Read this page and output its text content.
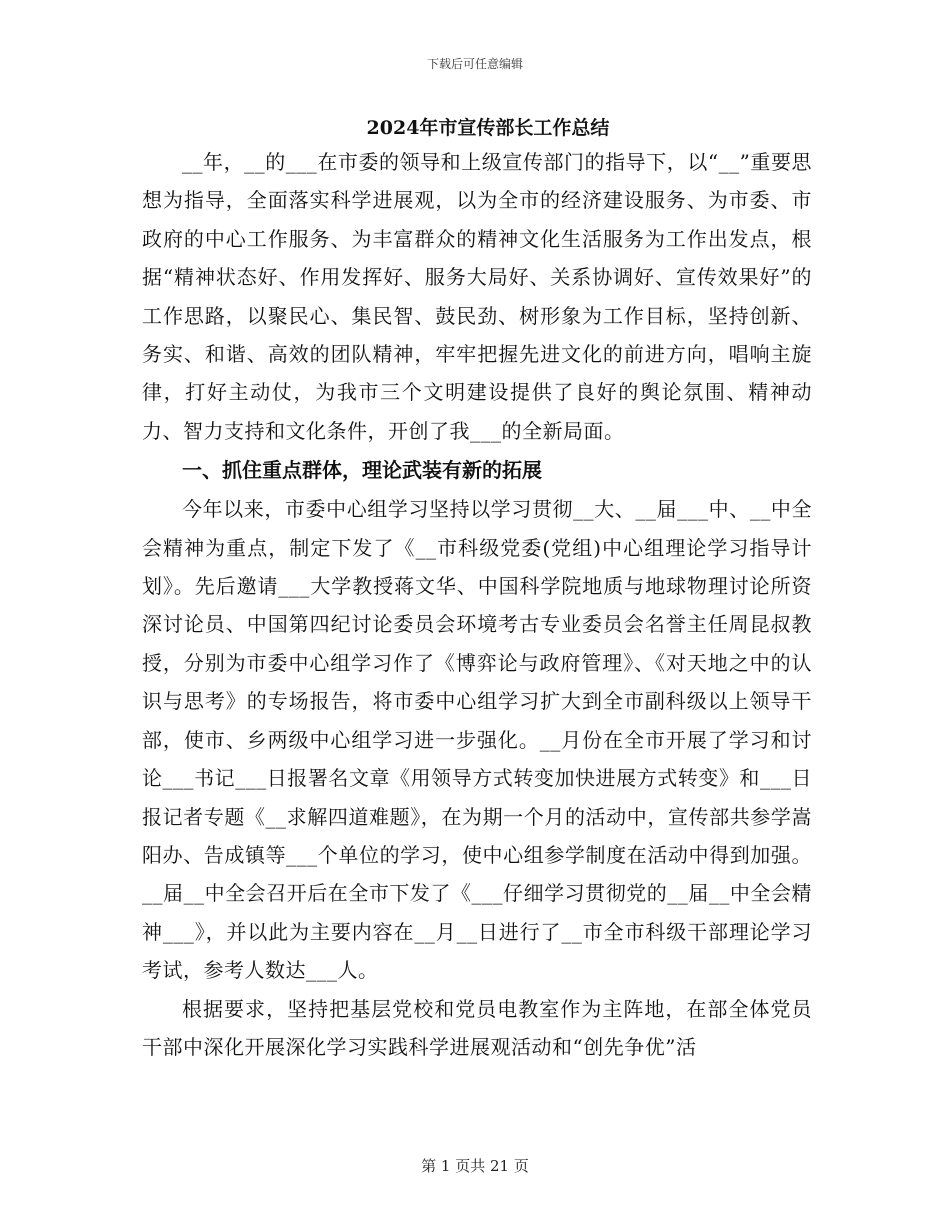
下载后可任意编辑
2024年市宣传部长工作总结

__年，__的___在市委的领导和上级宣传部门的指导下，以“__”重要思想为指导，全面落实科学进展观，以为全市的经济建设服务、为市委、市政府的中心工作服务、为丰富群众的精神文化生活服务为工作出发点，根据“精神状态好、作用发挥好、服务大局好、关系协调好、宣传效果好”的工作思路，以聚民心、集民智、鼓民劲、树形象为工作目标，坚持创新、务实、和谐、高效的团队精神，牢牢把握先进文化的前进方向，唱响主旋律，打好主动仗，为我市三个文明建设提供了良好的舆论氛围、精神动力、智力支持和文化条件，开创了我___的全新局面。

一、抓住重点群体，理论武装有新的拓展

今年以来，市委中心组学习坚持以学习贯彻__大、__届___中、__中全会精神为重点，制定下发了《__市科级党委(党组)中心组理论学习指导计划》。先后邀请___大学教授蒋文华、中国科学院地质与地球物理讨论所资深讨论员、中国第四纪讨论委员会环境考古专业委员会名誉主任周昆叔教授，分别为市委中心组学习作了《博弈论与政府管理》、《对天地之中的认识与思考》的专场报告，将市委中心组学习扩大到全市副科级以上领导干部，使市、乡两级中心组学习进一步强化。__月份在全市开展了学习和讨论___书记___日报署名文章《用领导方式转变加快进展方式转变》和___日报记者专题《__求解四道难题》，在为期一个月的活动中，宣传部共参学嵩阳办、告成镇等___个单位的学习，使中心组参学制度在活动中得到加强。__届__中全会召开后在全市下发了《___仔细学习贯彻党的__届__中全会精神___》，并以此为主要内容在__月__日进行了__市全市科级干部理论学习考试，参考人数达___人。

根据要求，坚持把基层党校和党员电教室作为主阵地，在部全体党员干部中深化开展深化学习实践科学进展观活动和“创先争优”活

第 1 页共 21 页
